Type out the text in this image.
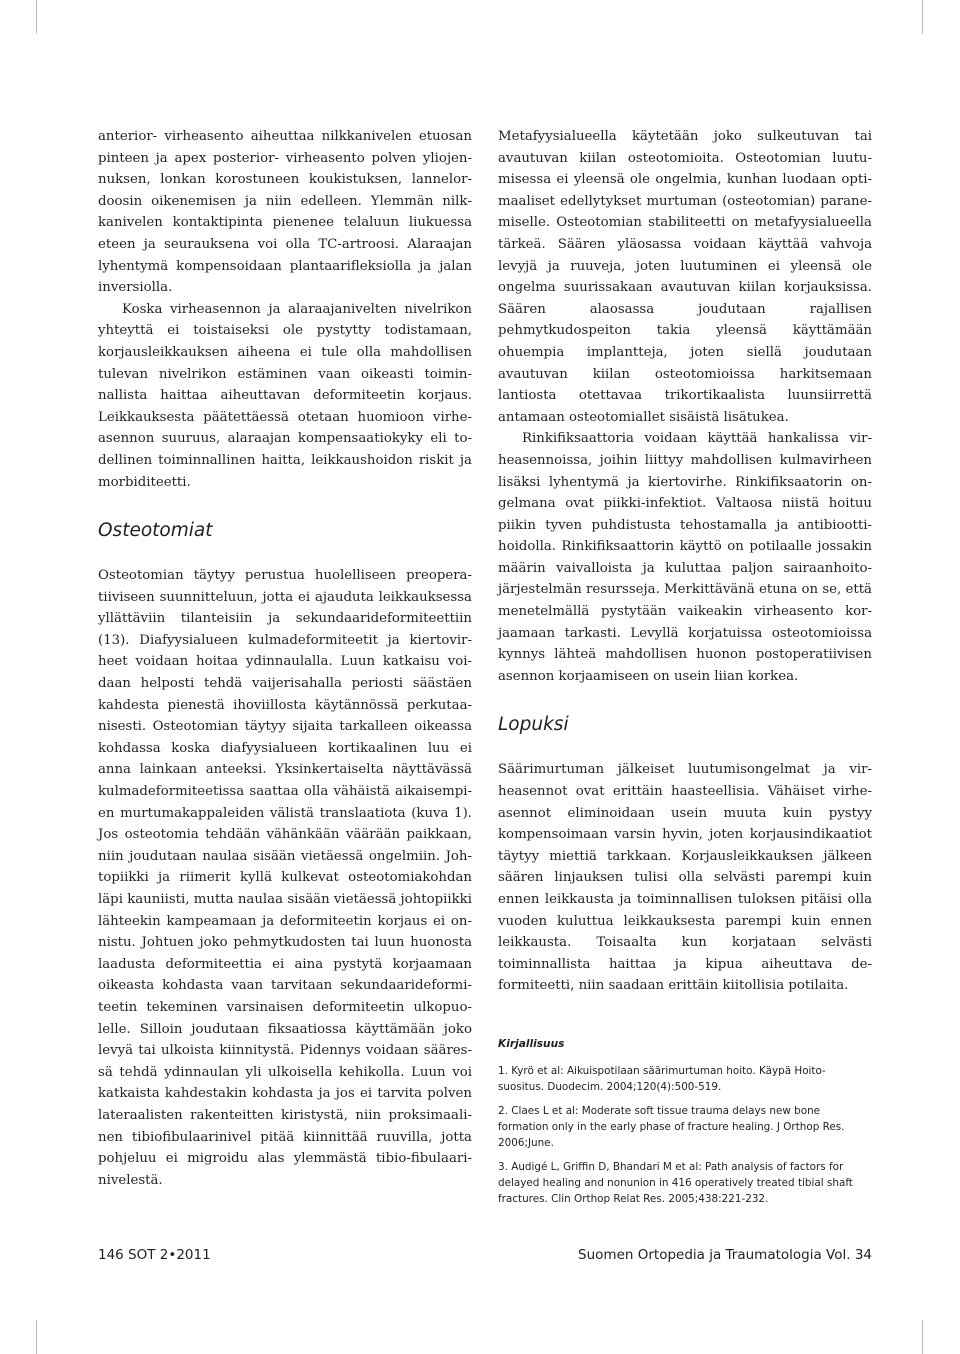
anterior- virheasento aiheuttaa nilkkanivelen etuosan pinteen ja apex posterior- virheasento polven yliojennuksen, lonkan korostuneen koukistuksen, lannelordoosin oikenemisen ja niin edelleen. Ylemmän nilkkanivelen kontaktipinta pienenee telaluun liukuessa eteen ja seurauksena voi olla TC-artroosi. Alaraajan lyhentymä kompensoidaan plantaarifleksiolla ja jalan inversiolla.

Koska virheasennon ja alaraajanivelten nivelrikon yhteyttä ei toistaiseksi ole pystytty todistamaan, korjausleikkauksen aiheena ei tule olla mahdollisen tulevan nivelrikon estäminen vaan oikeasti toiminnallista haittaa aiheuttavan deformiteetin korjaus. Leikkauksesta päätettäessä otetaan huomioon virheasennon suuruus, alaraajan kompensaatiokyky eli todellinen toiminnallinen haitta, leikkaushoidon riskit ja morbiditeetti.

Osteotomiat

Osteotomian täytyy perustua huolelliseen preoperatiiviseen suunnitteluun, jotta ei ajauduta leikkauksessa yllättäviin tilanteisiin ja sekundaarideformiteettiin (13). Diafyysialueen kulmadeformiteetit ja kiertovirheet voidaan hoitaa ydinnaulalla. Luun katkaisu voidaan helposti tehdä vaijerisahalla periosti säästäen kahdesta pienestä ihoviillosta käytännössä perkutaanisesti. Osteotomian täytyy sijaita tarkalleen oikeassa kohdassa koska diafyysialueen kortikaalinen luu ei anna lainkaan anteeksi. Yksinkertaiselta näyttävässä kulmadeformiteetissa saattaa olla vähäistä aikaisempien murtumakappaleiden välistä translaatiota (kuva 1). Jos osteotomia tehdään vähänkään väärään paikkaan, niin joudutaan naulaa sisään vietäessä ongelmiin. Johtopiikki ja riimerit kyllä kulkevat osteotomiakohdan läpi kauniisti, mutta naulaa sisään vietäessä johtopiikki lähteekin kampeamaan ja deformiteetin korjaus ei onnistu. Johtuen joko pehmytkudosten tai luun huonosta laadusta deformiteettia ei aina pystytä korjaamaan oikeasta kohdasta vaan tarvitaan sekundaarideformiteetin tekeminen varsinaisen deformiteetin ulkopuolelle. Silloin joudutaan fiksaatiossa käyttämään joko levyä tai ulkoista kiinnitystä. Pidennys voidaan sääressä tehdä ydinnaulan yli ulkoisella kehikolla. Luun voi katkaista kahdestakin kohdasta ja jos ei tarvita polven lateraalisten rakenteitten kiristystä, niin proksimaalinen tibiofibulaarinivel pitää kiinnittää ruuvilla, jotta pohjeluu ei migroidu alas ylemmästä tibio-fibulaarinivelestä.

Metafyysialueella käytetään joko sulkeutuvan tai avautuvan kiilan osteotomioita. Osteotomian luutumisessa ei yleensä ole ongelmia, kunhan luodaan optimaaliset edellytykset murtuman (osteotomian) paranemiselle. Osteotomian stabiliteetti on metafyysialueella tärkeä. Säären yläosassa voidaan käyttää vahvoja levyjä ja ruuveja, joten luutuminen ei yleensä ole ongelma suurissakaan avautuvan kiilan korjauksissa. Säären alaosassa joudutaan rajallisen pehmytkudospeiton takia yleensä käyttämään ohuempia implantteja, joten siellä joudutaan avautuvan kiilan osteotomioissa harkitsemaan lantiosta otettavaa trikortikaalista luunsiirrettä antamaan osteotomiallet sisäistä lisätukea.

Rinkifiksaattoria voidaan käyttää hankalissa virheasennoissa, joihin liittyy mahdollisen kulmavirheen lisäksi lyhentymä ja kiertovirhe. Rinkifiksaatorin ongelmana ovat piikki-infektiot. Valtaosa niistä hoituu piikin tyven puhdistusta tehostamalla ja antibioottihoidolla. Rinkifiksaattorin käyttö on potilaalle jossakin määrin vaivalloista ja kuluttaa paljon sairaanhoitojärjestelmän resursseja. Merkittävänä etuna on se, että menetelmällä pystytään vaikeakin virheasento korjaamaan tarkasti. Levyllä korjatuissa osteotomioissa kynnys lähteä mahdollisen huonon postoperatiivisen asennon korjaamiseen on usein liian korkea.

Lopuksi

Säärimurtuman jälkeiset luutumisongelmat ja virheasennot ovat erittäin haasteellisia. Vähäiset virheasennot eliminoidaan usein muuta kuin pystyy kompensoimaan varsin hyvin, joten korjausindikaatiot täytyy miettiä tarkkaan. Korjausleikkauksen jälkeen säären linjauksen tulisi olla selvästi parempi kuin ennen leikkausta ja toiminnallisen tuloksen pitäisi olla vuoden kuluttua leikkauksesta parempi kuin ennen leikkausta. Toisaalta kun korjataan selvästi toiminnallista haittaa ja kipua aiheuttava deformiteetti, niin saadaan erittäin kiitollisia potilaita.

Kirjallisuus

1. Kyrö et al: Aikuispotilaan säärimurtuman hoito. Käypä Hoito- suositus. Duodecim. 2004;120(4):500-519.

2. Claes L et al: Moderate soft tissue trauma delays new bone formation only in the early phase of fracture healing. J Orthop Res. 2006;June.

3. Audigé L, Griffin D, Bhandari M et al: Path analysis of factors for delayed healing and nonunion in 416 operatively treated tibial shaft fractures. Clin Orthop Relat Res. 2005;438:221-232.

146 SOT 2•2011	Suomen Ortopedia ja Traumatologia Vol. 34
